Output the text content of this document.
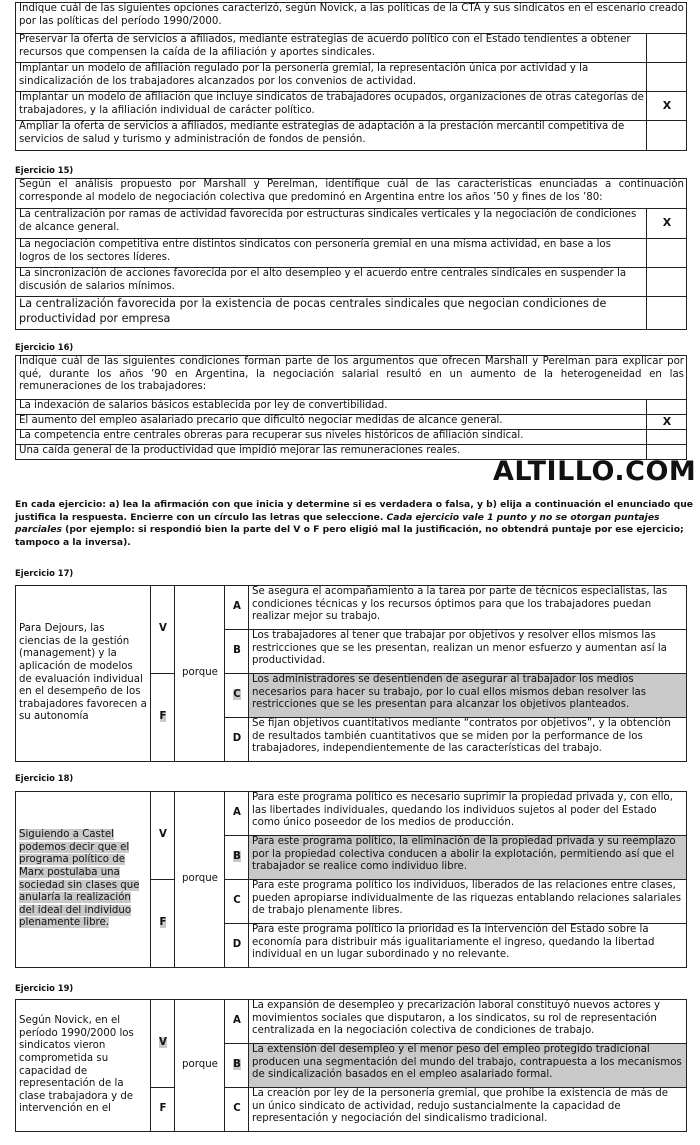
Indique cuál de las siguientes opciones caracterizó, según Novick, a las políticas de la CTA y sus sindicatos en el escenario creado por las políticas del período 1990/2000.	
Preservar la oferta de servicios a afiliados, mediante estrategias de acuerdo político con el Estado tendientes a obtener recursos que compensen la caída de la afiliación y aportes sindicales.	
Implantar un modelo de afiliación regulado por la personería gremial, la representación única por actividad y la sindicalización de los trabajadores alcanzados por los convenios de actividad.	
Implantar un modelo de afiliación que incluye sindicatos de trabajadores ocupados, organizaciones de otras categorías de trabajadores, y la afiliación individual de carácter político.	X
Ampliar la oferta de servicios a afiliados, mediante estrategias de adaptación a la prestación mercantil competitiva de servicios de salud y turismo y administración de fondos de pensión.	
Ejercicio 15)
Según el análisis propuesto por Marshall y Perelman, identifique cuál de las características enunciadas a continuación corresponde al modelo de negociación colectiva que predominó en Argentina entre los años ’50 y fines de los ’80:	
La centralización por ramas de actividad favorecida por estructuras sindicales verticales y la negociación de condiciones de alcance general.	X
La negociación competitiva entre distintos sindicatos con personería gremial en una misma actividad, en base a los logros de los sectores líderes.	
La sincronización de acciones favorecida por el alto desempleo y el acuerdo entre centrales sindicales en suspender la discusión de salarios mínimos.	
La centralización favorecida por la existencia de pocas centrales sindicales que negocian condiciones de productividad por empresa	
Ejercicio 16)
Indique cuál de las siguientes condiciones forman parte de los argumentos que ofrecen Marshall y Perelman para explicar por qué, durante los años ’90 en Argentina, la negociación salarial resultó en un aumento de la heterogeneidad en las remuneraciones de los trabajadores:	
La indexación de salarios básicos establecida por ley de convertibilidad.	
El aumento del empleo asalariado precario que dificultó negociar medidas de alcance general.	X
La competencia entre centrales obreras para recuperar sus niveles históricos de afiliación sindical.	
Una caída general de la productividad que impidió mejorar las remuneraciones reales.	
ALTILLO.COM
En cada ejercicio: a) lea la afirmación con que inicia y determine si es verdadera o falsa, y b) elija a continuación el enunciado que justifica la respuesta. Encierre con un círculo las letras que seleccione. Cada ejercicio vale 1 punto y no se otorgan puntajes parciales (por ejemplo: si respondió bien la parte del V o F pero eligió mal la justificación, no obtendrá puntaje por ese ejercicio; tampoco a la inversa).
Ejercicio 17)
Para Dejours, las ciencias de la gestión (management) y la aplicación de modelos de evaluación individual en el desempeño de los trabajadores favorecen a su autonomía	V	porque	A	Se asegura el acompañamiento a la tarea por parte de técnicos especialistas, las condiciones técnicas y los recursos óptimos para que los trabajadores puedan realizar mejor su trabajo.
			B	Los trabajadores al tener que trabajar por objetivos y resolver ellos mismos las restricciones que se les presentan, realizan un menor esfuerzo y aumentan así la productividad.
	F		C	Los administradores se desentienden de asegurar al trabajador los medios necesarios para hacer su trabajo, por lo cual ellos mismos deban resolver las restricciones que se les presentan para alcanzar los objetivos planteados.
			D	Se fijan objetivos cuantitativos mediante “contratos por objetivos”, y la obtención de resultados también cuantitativos que se miden por la performance de los trabajadores, independientemente de las características del trabajo.
Ejercicio 18)
Siguiendo a Castel podemos decir que el programa político de Marx postulaba una sociedad sin clases que anularía la realización del ideal del individuo plenamente libre.	V	porque	A	Para este programa político es necesario suprimir la propiedad privada y, con ello, las libertades individuales, quedando los individuos sujetos al poder del Estado como único poseedor de los medios de producción.
			B	Para este programa político, la eliminación de la propiedad privada y su reemplazo por la propiedad colectiva conducen a abolir la explotación, permitiendo así que el trabajador se realice como individuo libre.
	F		C	Para este programa político los individuos, liberados de las relaciones entre clases, pueden apropiarse individualmente de las riquezas entablando relaciones salariales de trabajo plenamente libres.
			D	Para este programa político la prioridad es la intervención del Estado sobre la economía para distribuir más igualitariamente el ingreso, quedando la libertad individual en un lugar subordinado y no relevante.
Ejercicio 19)
Según Novick, en el período 1990/2000 los sindicatos vieron comprometida su capacidad de representación de la clase trabajadora y de intervención en el	V	porque	A	La expansión de desempleo y precarización laboral constituyó nuevos actores y movimientos sociales que disputaron, a los sindicatos, su rol de representación centralizada en la negociación colectiva de condiciones de trabajo.
			B	La extensión del desempleo y el menor peso del empleo protegido tradicional producen una segmentación del mundo del trabajo, contrapuesta a los mecanismos de sindicalización basados en el empleo asalariado formal.
	F		C	La creación por ley de la personería gremial, que prohíbe la existencia de más de un único sindicato de actividad, redujo sustancialmente la capacidad de representación y negociación del sindicalismo tradicional.
